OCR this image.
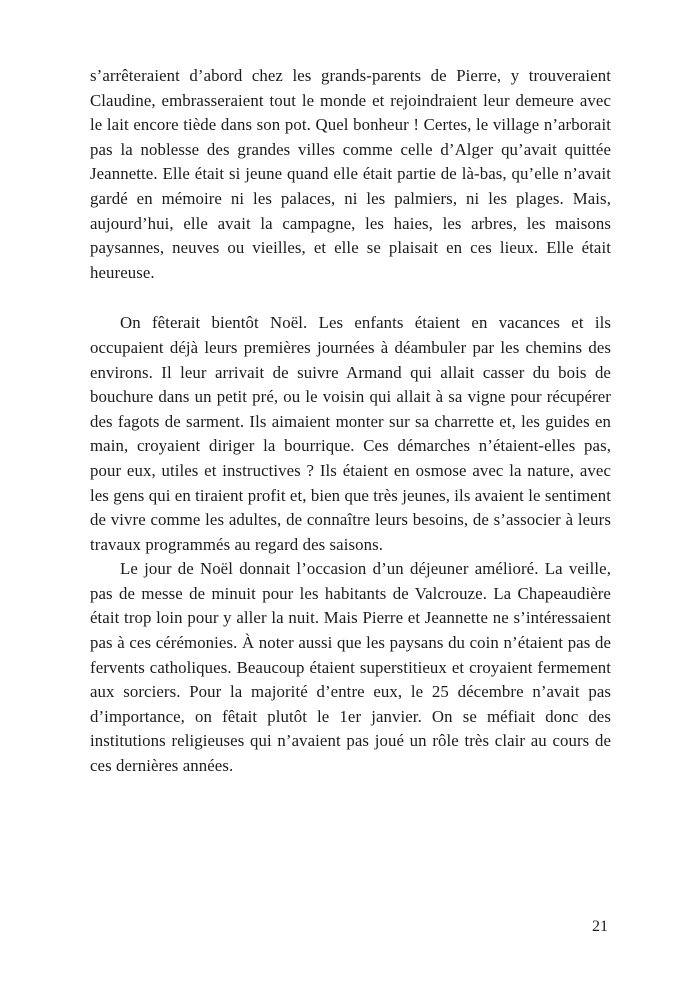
s’arrêteraient d’abord chez les grands-parents de Pierre, y trouveraient Claudine, embrasseraient tout le monde et rejoindraient leur demeure avec le lait encore tiède dans son pot. Quel bonheur ! Certes, le village n’arborait pas la noblesse des grandes villes comme celle d’Alger qu’avait quittée Jeannette. Elle était si jeune quand elle était partie de là-bas, qu’elle n’avait gardé en mémoire ni les palaces, ni les palmiers, ni les plages. Mais, aujourd’hui, elle avait la campagne, les haies, les arbres, les maisons paysannes, neuves ou vieilles, et elle se plaisait en ces lieux. Elle était heureuse.

On fêterait bientôt Noël. Les enfants étaient en vacances et ils occupaient déjà leurs premières journées à déambuler par les chemins des environs. Il leur arrivait de suivre Armand qui allait casser du bois de bouchure dans un petit pré, ou le voisin qui allait à sa vigne pour récupérer des fagots de sarment. Ils aimaient monter sur sa charrette et, les guides en main, croyaient diriger la bourrique. Ces démarches n’étaient-elles pas, pour eux, utiles et instructives ? Ils étaient en osmose avec la nature, avec les gens qui en tiraient profit et, bien que très jeunes, ils avaient le sentiment de vivre comme les adultes, de connaître leurs besoins, de s’associer à leurs travaux programmés au regard des saisons.

Le jour de Noël donnait l’occasion d’un déjeuner amélioré. La veille, pas de messe de minuit pour les habitants de Valcrouze. La Chapeaudière était trop loin pour y aller la nuit. Mais Pierre et Jeannette ne s’intéressaient pas à ces cérémonies. À noter aussi que les paysans du coin n’étaient pas de fervents catholiques. Beaucoup étaient superstitieux et croyaient fermement aux sorciers. Pour la majorité d’entre eux, le 25 décembre n’avait pas d’importance, on fêtait plutôt le 1er janvier. On se méfiait donc des institutions religieuses qui n’avaient pas joué un rôle très clair au cours de ces dernières années.

21
